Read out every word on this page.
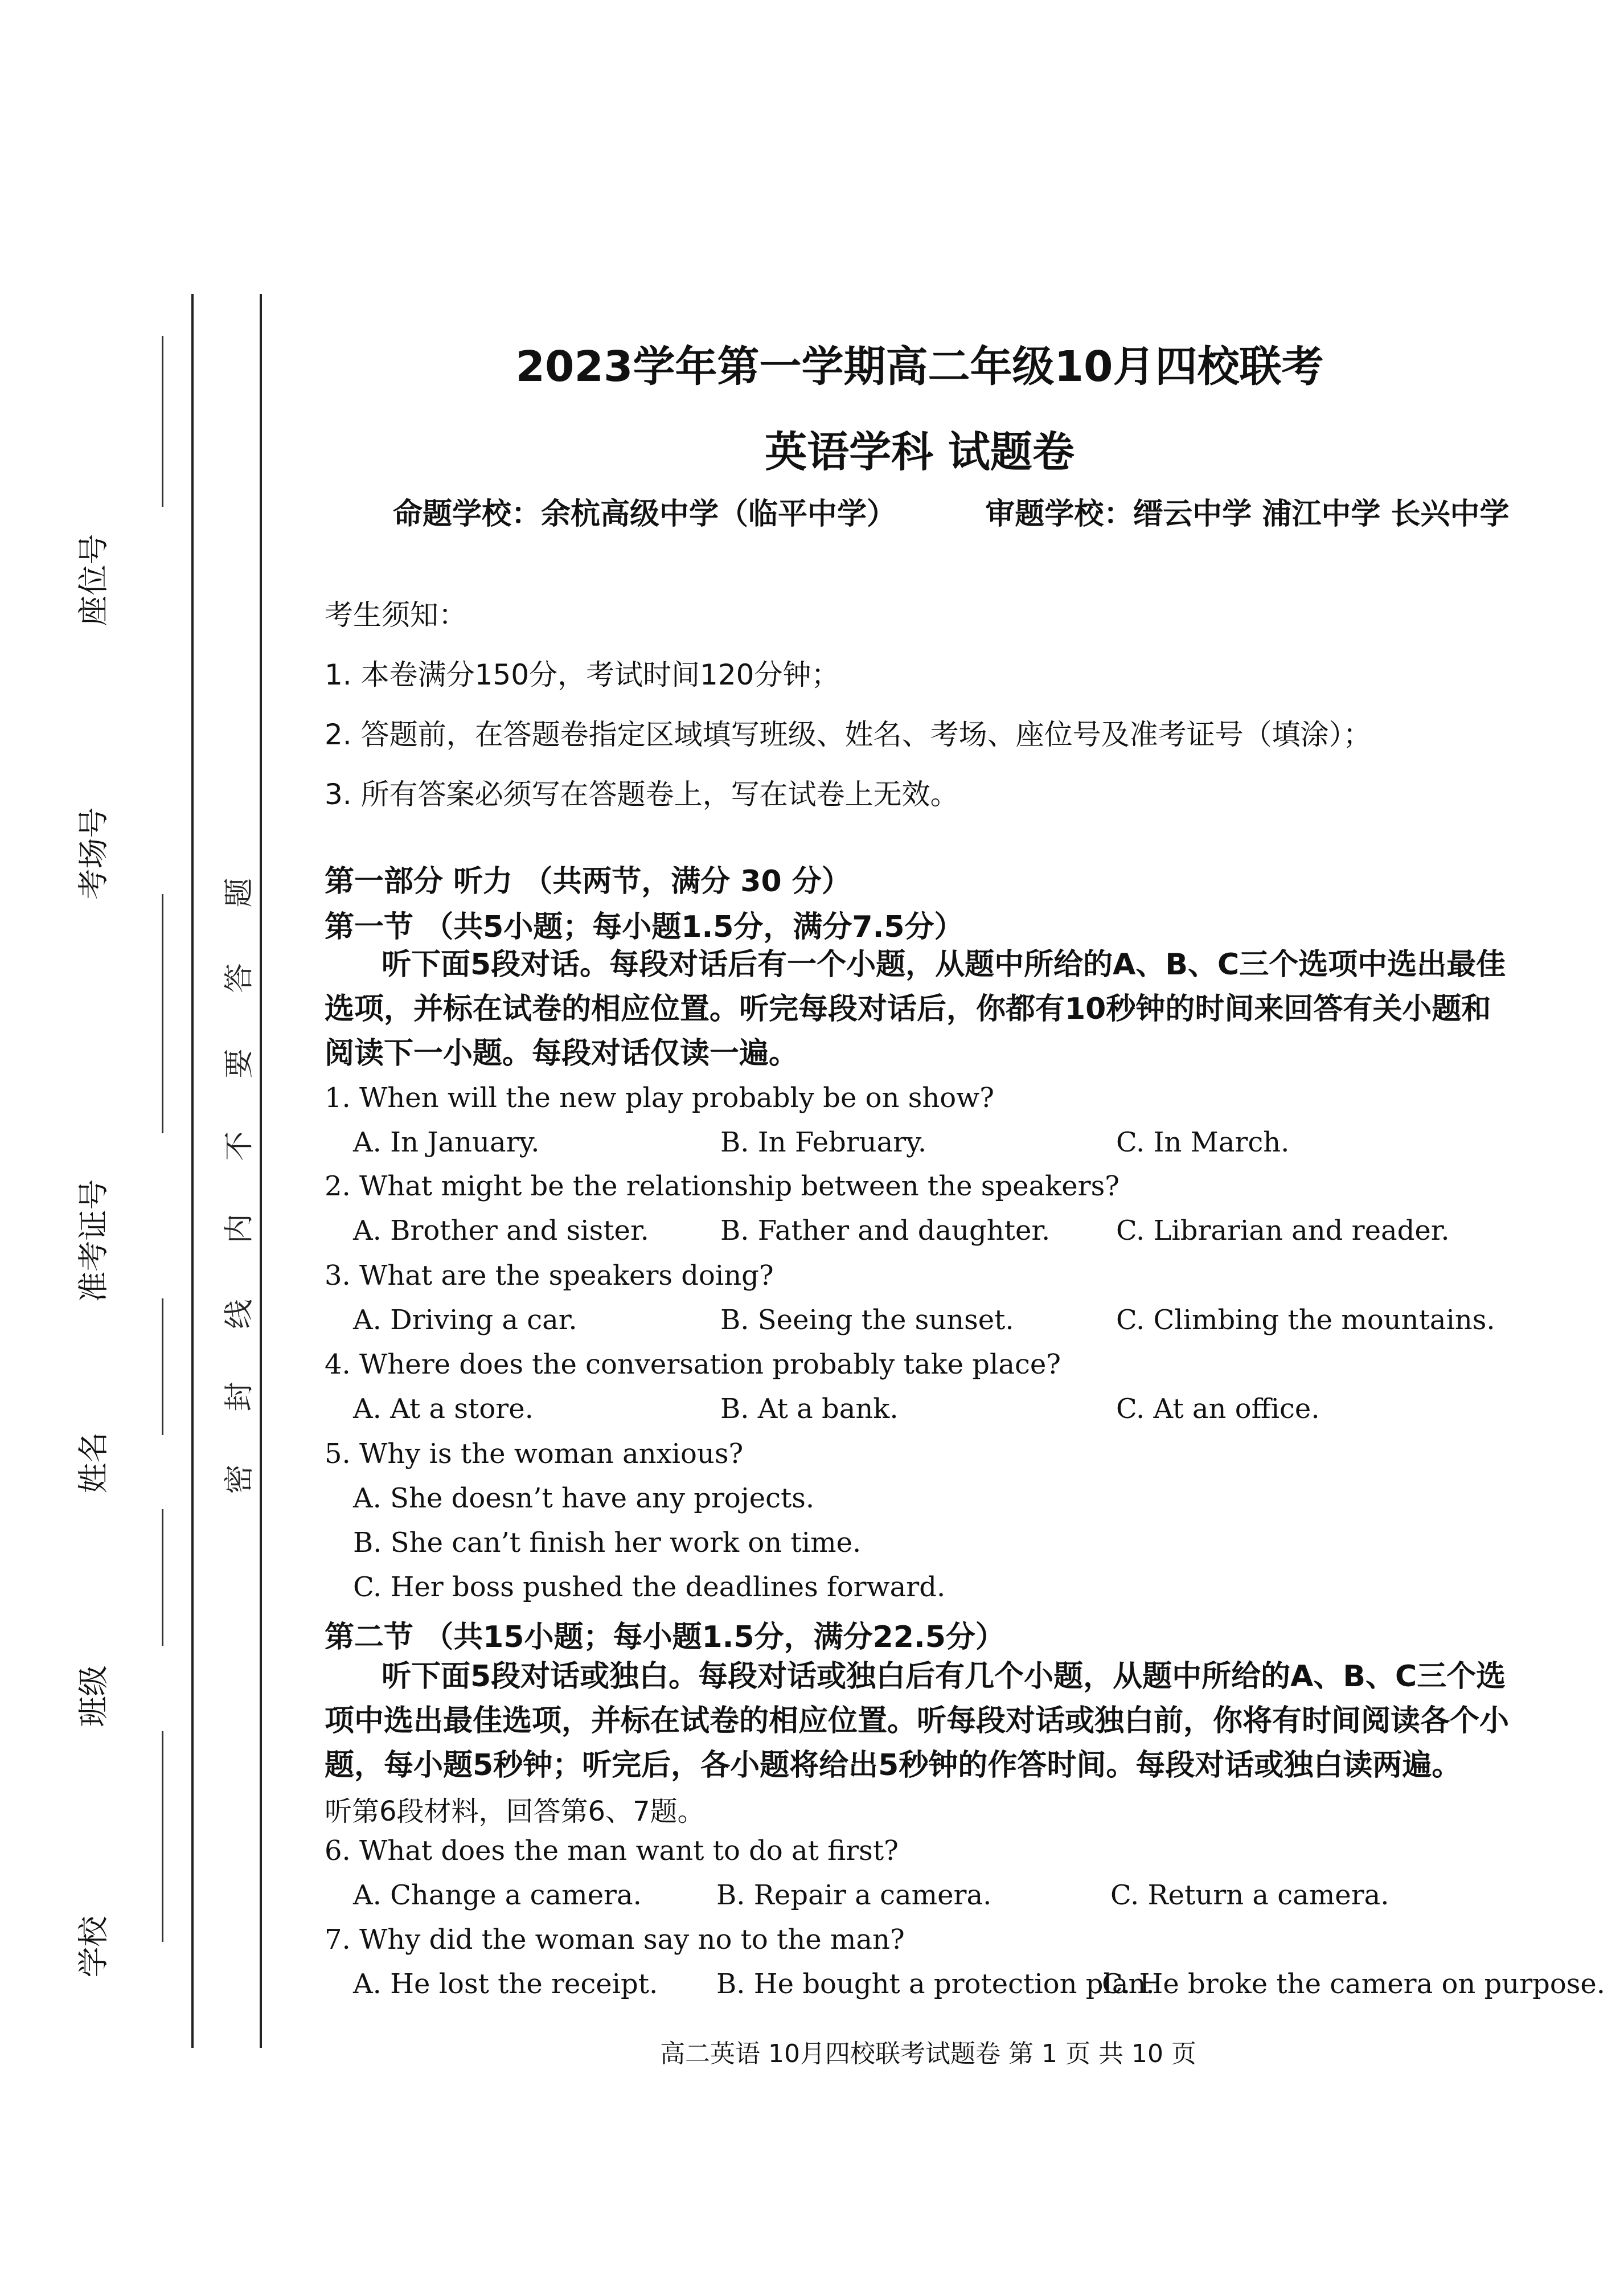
座位号
考场号
准考证号
姓名
班级
学校
题
答
要
不
内
线
封
密
2023学年第一学期高二年级10月四校联考
英语学科 试题卷
命题学校：余杭高级中学（临平中学）	审题学校：缙云中学 浦江中学 长兴中学
考生须知：
1. 本卷满分150分，考试时间120分钟；
2. 答题前，在答题卷指定区域填写班级、姓名、考场、座位号及准考证号（填涂）；
3. 所有答案必须写在答题卷上，写在试卷上无效。
第一部分 听力 （共两节，满分 30 分）
第一节 （共5小题；每小题1.5分，满分7.5分）
听下面5段对话。每段对话后有一个小题，从题中所给的A、B、C三个选项中选出最佳选项，并标在试卷的相应位置。听完每段对话后，你都有10秒钟的时间来回答有关小题和阅读下一小题。每段对话仅读一遍。
1. When will the new play probably be on show?
A. In January.	B. In February.	C. In March.
2. What might be the relationship between the speakers?
A. Brother and sister.	B. Father and daughter. C. Librarian and reader.
3. What are the speakers doing?
A. Driving a car.	B. Seeing the sunset.	C. Climbing the mountains.
4. Where does the conversation probably take place?
A. At a store.	B. At a bank.	C. At an office.
5. Why is the woman anxious?
A. She doesn’t have any projects.
B. She can’t finish her work on time.
C. Her boss pushed the deadlines forward.
第二节 （共15小题；每小题1.5分，满分22.5分）
听下面5段对话或独白。每段对话或独白后有几个小题，从题中所给的A、B、C三个选项中选出最佳选项，并标在试卷的相应位置。听每段对话或独白前，你将有时间阅读各个小题，每小题5秒钟；听完后，各小题将给出5秒钟的作答时间。每段对话或独白读两遍。
听第6段材料，回答第6、7题。
6. What does the man want to do at first?
A. Change a camera.	B. Repair a camera.	C. Return a camera.
7. Why did the woman say no to the man?
A. He lost the receipt. B. He bought a protection plan.
C. He broke the camera on purpose.
高二英语 10月四校联考试题卷 第 1 页 共 10 页
